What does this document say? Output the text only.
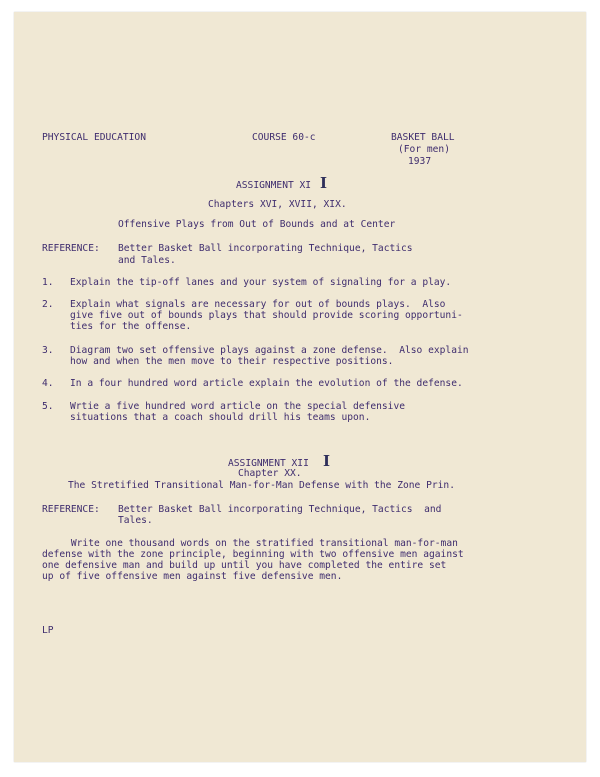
PHYSICAL EDUCATION	COURSE 60-c	BASKET BALL
(For men)
1937
ASSIGNMENT XI I
Chapters XVI, XVII, XIX.
Offensive Plays from Out of Bounds and at Center
REFERENCE: Better Basket Ball incorporating Technique, Tactics
and Tales.
1. Explain the tip-off lanes and your system of signaling for a play.
2. Explain what signals are necessary for out of bounds plays.  Also
give five out of bounds plays that should provide scoring opportuni-
ties for the offense.
3. Diagram two set offensive plays against a zone defense.  Also explain
how and when the men move to their respective positions.
4. In a four hundred word article explain the evolution of the defense.
5. Wrtie a five hundred word article on the special defensive
situations that a coach should drill his teams upon.
ASSIGNMENT XII I
Chapter XX.
The Stretified Transitional Man-for-Man Defense with the Zone Prin.
REFERENCE: Better Basket Ball incorporating Technique, Tactics  and
Tales.
Write one thousand words on the stratified transitional man-for-man
defense with the zone principle, beginning with two offensive men against
one defensive man and build up until you have completed the entire set
up of five offensive men against five defensive men.
LP
